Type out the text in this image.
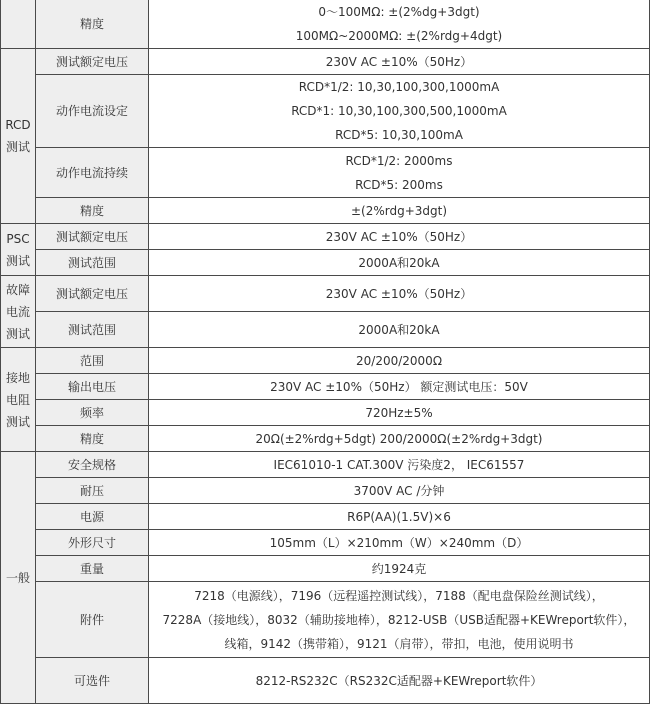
	精度	0～100MΩ: ±(2%dg+3dgt)
100MΩ~2000MΩ: ±(2%rdg+4dgt)

RCD
测试	测试额定电压	230V AC ±10%（50Hz）

	动作电流设定	RCD*1/2: 10,30,100,300,1000mA
RCD*1: 10,30,100,300,500,1000mA
RCD*5: 10,30,100mA

	动作电流持续	RCD*1/2: 2000ms
RCD*5: 200ms

	精度	±(2%rdg+3dgt)

PSC
测试	测试额定电压	230V AC ±10%（50Hz）

	测试范围	2000A和20kA

故障
电流
测试	测试额定电压	230V AC ±10%（50Hz）

	测试范围	2000A和20kA

接地
电阻
测试	范围	20/200/2000Ω

	输出电压	230V AC ±10%（50Hz） 额定测试电压：50V

	频率	720Hz±5%

	精度	20Ω(±2%rdg+5dgt) 200/2000Ω(±2%rdg+3dgt)

一般	安全规格	IEC61010-1 CAT.300V 污染度2， IEC61557

	耐压	3700V AC /分钟

	电源	R6P(AA)(1.5V)×6

	外形尺寸	105mm（L）×210mm（W）×240mm（D）

	重量	约1924克

	附件	7218（电源线），7196（远程遥控测试线），7188（配电盘保险丝测试线），
7228A（接地线），8032（辅助接地棒），8212-USB（USB适配器+KEWreport软件），
线箱，9142（携带箱），9121（肩带），带扣，电池，使用说明书

	可选件	8212-RS232C（RS232C适配器+KEWreport软件）
